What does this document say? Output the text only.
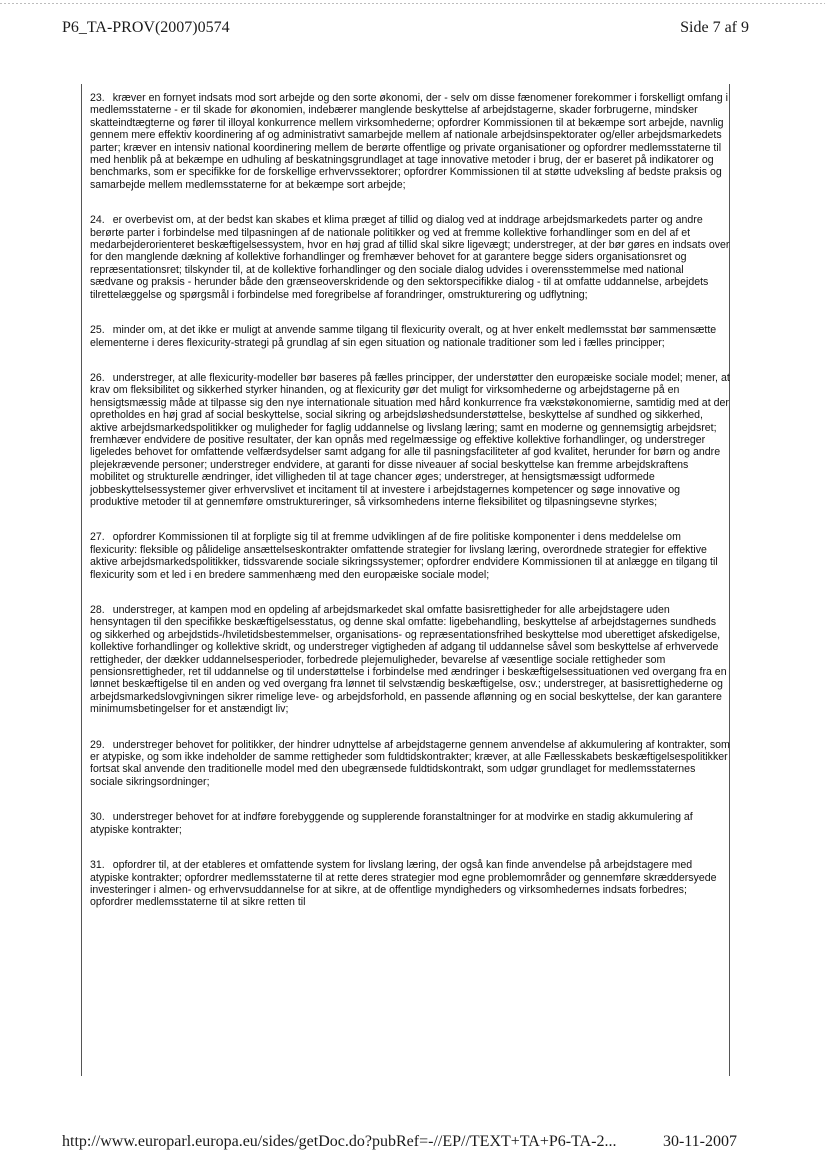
P6_TA-PROV(2007)0574	Side 7 af 9

23. kræver en fornyet indsats mod sort arbejde og den sorte økonomi, der - selv om disse fænomener forekommer i forskelligt omfang i medlemsstaterne - er til skade for økonomien, indebærer manglende beskyttelse af arbejdstagerne, skader forbrugerne, mindsker skatteindtægterne og fører til illoyal konkurrence mellem virksomhederne; opfordrer Kommissionen til at bekæmpe sort arbejde, navnlig gennem mere effektiv koordinering af og administrativt samarbejde mellem af nationale arbejdsinspektorater og/eller arbejdsmarkedets parter; kræver en intensiv national koordinering mellem de berørte offentlige og private organisationer og opfordrer medlemsstaterne til med henblik på at bekæmpe en udhuling af beskatningsgrundlaget at tage innovative metoder i brug, der er baseret på indikatorer og benchmarks, som er specifikke for de forskellige erhvervssektorer; opfordrer Kommissionen til at støtte udveksling af bedste praksis og samarbejde mellem medlemsstaterne for at bekæmpe sort arbejde;

24. er overbevist om, at der bedst kan skabes et klima præget af tillid og dialog ved at inddrage arbejdsmarkedets parter og andre berørte parter i forbindelse med tilpasningen af de nationale politikker og ved at fremme kollektive forhandlinger som en del af et medarbejderorienteret beskæftigelsessystem, hvor en høj grad af tillid skal sikre ligevægt; understreger, at der bør gøres en indsats over for den manglende dækning af kollektive forhandlinger og fremhæver behovet for at garantere begge siders organisationsret og repræsentationsret; tilskynder til, at de kollektive forhandlinger og den sociale dialog udvides i overensstemmelse med national sædvane og praksis - herunder både den grænseoverskridende og den sektorspecifikke dialog - til at omfatte uddannelse, arbejdets tilrettelæggelse og spørgsmål i forbindelse med foregribelse af forandringer, omstrukturering og udflytning;

25. minder om, at det ikke er muligt at anvende samme tilgang til flexicurity overalt, og at hver enkelt medlemsstat bør sammensætte elementerne i deres flexicurity-strategi på grundlag af sin egen situation og nationale traditioner som led i fælles principper;

26. understreger, at alle flexicurity-modeller bør baseres på fælles principper, der understøtter den europæiske sociale model; mener, at krav om fleksibilitet og sikkerhed styrker hinanden, og at flexicurity gør det muligt for virksomhederne og arbejdstagerne på en hensigtsmæssig måde at tilpasse sig den nye internationale situation med hård konkurrence fra vækstøkonomierne, samtidig med at der opretholdes en høj grad af social beskyttelse, social sikring og arbejdsløshedsunderstøttelse, beskyttelse af sundhed og sikkerhed, aktive arbejdsmarkedspolitikker og muligheder for faglig uddannelse og livslang læring; samt en moderne og gennemsigtig arbejdsret; fremhæver endvidere de positive resultater, der kan opnås med regelmæssige og effektive kollektive forhandlinger, og understreger ligeledes behovet for omfattende velfærdsydelser samt adgang for alle til pasningsfaciliteter af god kvalitet, herunder for børn og andre plejekrævende personer; understreger endvidere, at garanti for disse niveauer af social beskyttelse kan fremme arbejdskraftens mobilitet og strukturelle ændringer, idet villigheden til at tage chancer øges; understreger, at hensigtsmæssigt udformede jobbeskyttelsessystemer giver erhvervslivet et incitament til at investere i arbejdstagernes kompetencer og søge innovative og produktive metoder til at gennemføre omstruktureringer, så virksomhedens interne fleksibilitet og tilpasningsevne styrkes;

27. opfordrer Kommissionen til at forpligte sig til at fremme udviklingen af de fire politiske komponenter i dens meddelelse om flexicurity: fleksible og pålidelige ansættelseskontrakter omfattende strategier for livslang læring, overordnede strategier for effektive aktive arbejdsmarkedspolitikker, tidssvarende sociale sikringssystemer; opfordrer endvidere Kommissionen til at anlægge en tilgang til flexicurity som et led i en bredere sammenhæng med den europæiske sociale model;

28. understreger, at kampen mod en opdeling af arbejdsmarkedet skal omfatte basisrettigheder for alle arbejdstagere uden hensyntagen til den specifikke beskæftigelsesstatus, og denne skal omfatte: ligebehandling, beskyttelse af arbejdstagernes sundheds og sikkerhed og arbejdstids-/hviletidsbestemmelser, organisations- og repræsentationsfrihed beskyttelse mod uberettiget afskedigelse, kollektive forhandlinger og kollektive skridt, og understreger vigtigheden af adgang til uddannelse såvel som beskyttelse af erhvervede rettigheder, der dækker uddannelsesperioder, forbedrede plejemuligheder, bevarelse af væsentlige sociale rettigheder som pensionsrettigheder, ret til uddannelse og til understøttelse i forbindelse med ændringer i beskæftigelsessituationen ved overgang fra en lønnet beskæftigelse til en anden og ved overgang fra lønnet til selvstændig beskæftigelse, osv.; understreger, at basisrettighederne og arbejdsmarkedslovgivningen sikrer rimelige leve- og arbejdsforhold, en passende aflønning og en social beskyttelse, der kan garantere minimumsbetingelser for et anstændigt liv;

29. understreger behovet for politikker, der hindrer udnyttelse af arbejdstagerne gennem anvendelse af akkumulering af kontrakter, som er atypiske, og som ikke indeholder de samme rettigheder som fuldtidskontrakter; kræver, at alle Fællesskabets beskæftigelsespolitikker fortsat skal anvende den traditionelle model med den ubegrænsede fuldtidskontrakt, som udgør grundlaget for medlemsstaternes sociale sikringsordninger;

30. understreger behovet for at indføre forebyggende og supplerende foranstaltninger for at modvirke en stadig akkumulering af atypiske kontrakter;

31. opfordrer til, at der etableres et omfattende system for livslang læring, der også kan finde anvendelse på arbejdstagere med atypiske kontrakter; opfordrer medlemsstaterne til at rette deres strategier mod egne problemområder og gennemføre skræddersyede investeringer i almen- og erhvervsuddannelse for at sikre, at de offentlige myndigheders og virksomhedernes indsats forbedres; opfordrer medlemsstaterne til at sikre retten til

http://www.europarl.europa.eu/sides/getDoc.do?pubRef=-//EP//TEXT+TA+P6-TA-2...	30-11-2007
